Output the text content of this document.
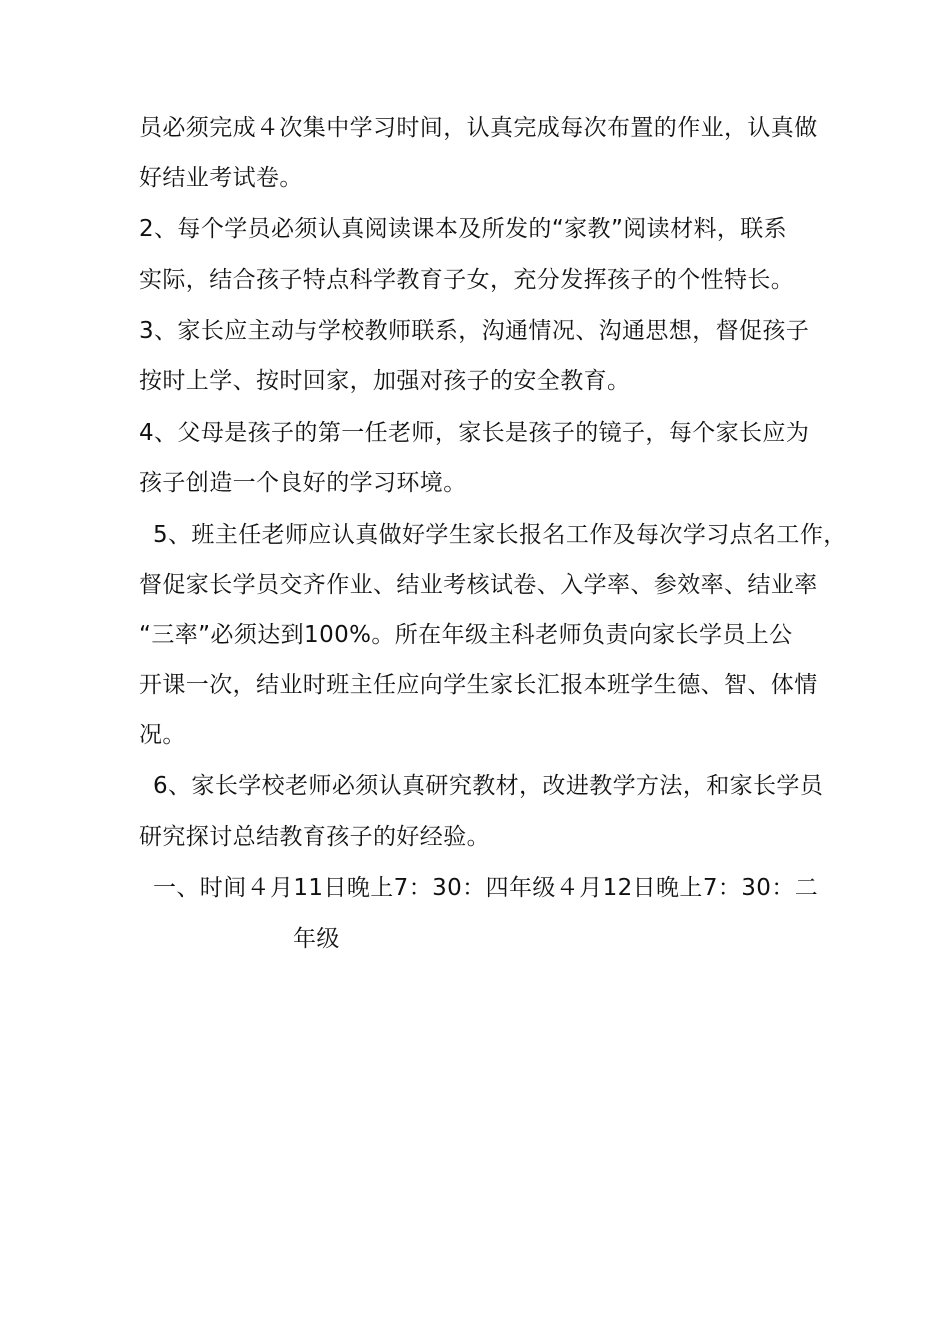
员必须完成４次集中学习时间，认真完成每次布置的作业，认真做
好结业考试卷。
2、每个学员必须认真阅读课本及所发的“家教”阅读材料，联系
实际，结合孩子特点科学教育子女，充分发挥孩子的个性特长。
3、家长应主动与学校教师联系，沟通情况、沟通思想，督促孩子
按时上学、按时回家，加强对孩子的安全教育。
4、父母是孩子的第一任老师，家长是孩子的镜子，每个家长应为
孩子创造一个良好的学习环境。
5、班主任老师应认真做好学生家长报名工作及每次学习点名工作，
督促家长学员交齐作业、结业考核试卷、入学率、参效率、结业率
“三率”必须达到100%。所在年级主科老师负责向家长学员上公
开课一次，结业时班主任应向学生家长汇报本班学生德、智、体情
况。
6、家长学校老师必须认真研究教材，改进教学方法，和家长学员
研究探讨总结教育孩子的好经验。
一、时间４月11日晚上7：30：四年级４月12日晚上7：30：二
年级
